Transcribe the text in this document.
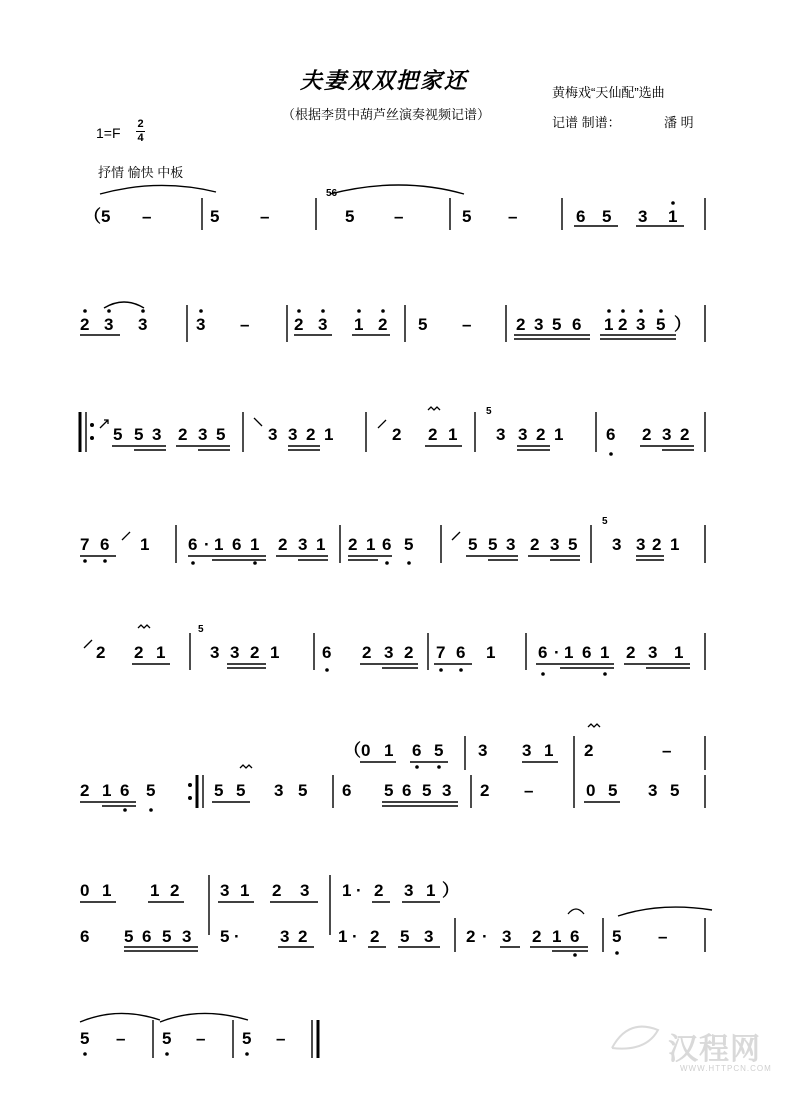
夫妻双双把家还
（根据李贯中葫芦丝演奏视频记谱）
黄梅戏“天仙配”选曲
记谱 制谱：	潘 明
1=F
2
4
抒情 愉快 中板
（5 –	5 –	5 –	5 –	6 5 3 1
2 3 3	3 –	2 3 1 2 5 –	2 3 5 6 1 2 3 5 ）
5 5 3 2 3 5	3 3 2 1	2 2 1 3 3 2 1	6 2 3 2
7 6 1 6 · 1 6 1 2 3 1 2 1 6 5	5 5 3 2 3 5 3 3 2 1
2 2 1	3 3 2 1	6 2 3 2 7 6 1	6 · 1 6 1 2 3 1
（0 1 6 5 3 3 1 2	–
2 1 6 5	5 5 3 5 6 5 6 5 3 2 –	0 5 3 5
0 1 1 2 3 1 2 3 1 · 2 3 1 ）
6 5 6 5 3 5 · 3 2 1 · 2 5 3 2 · 3 2 1 6 5 –
5 – 5 – 5 –
56
5
5
5
汉程网
WWW.HTTPCN.COM
